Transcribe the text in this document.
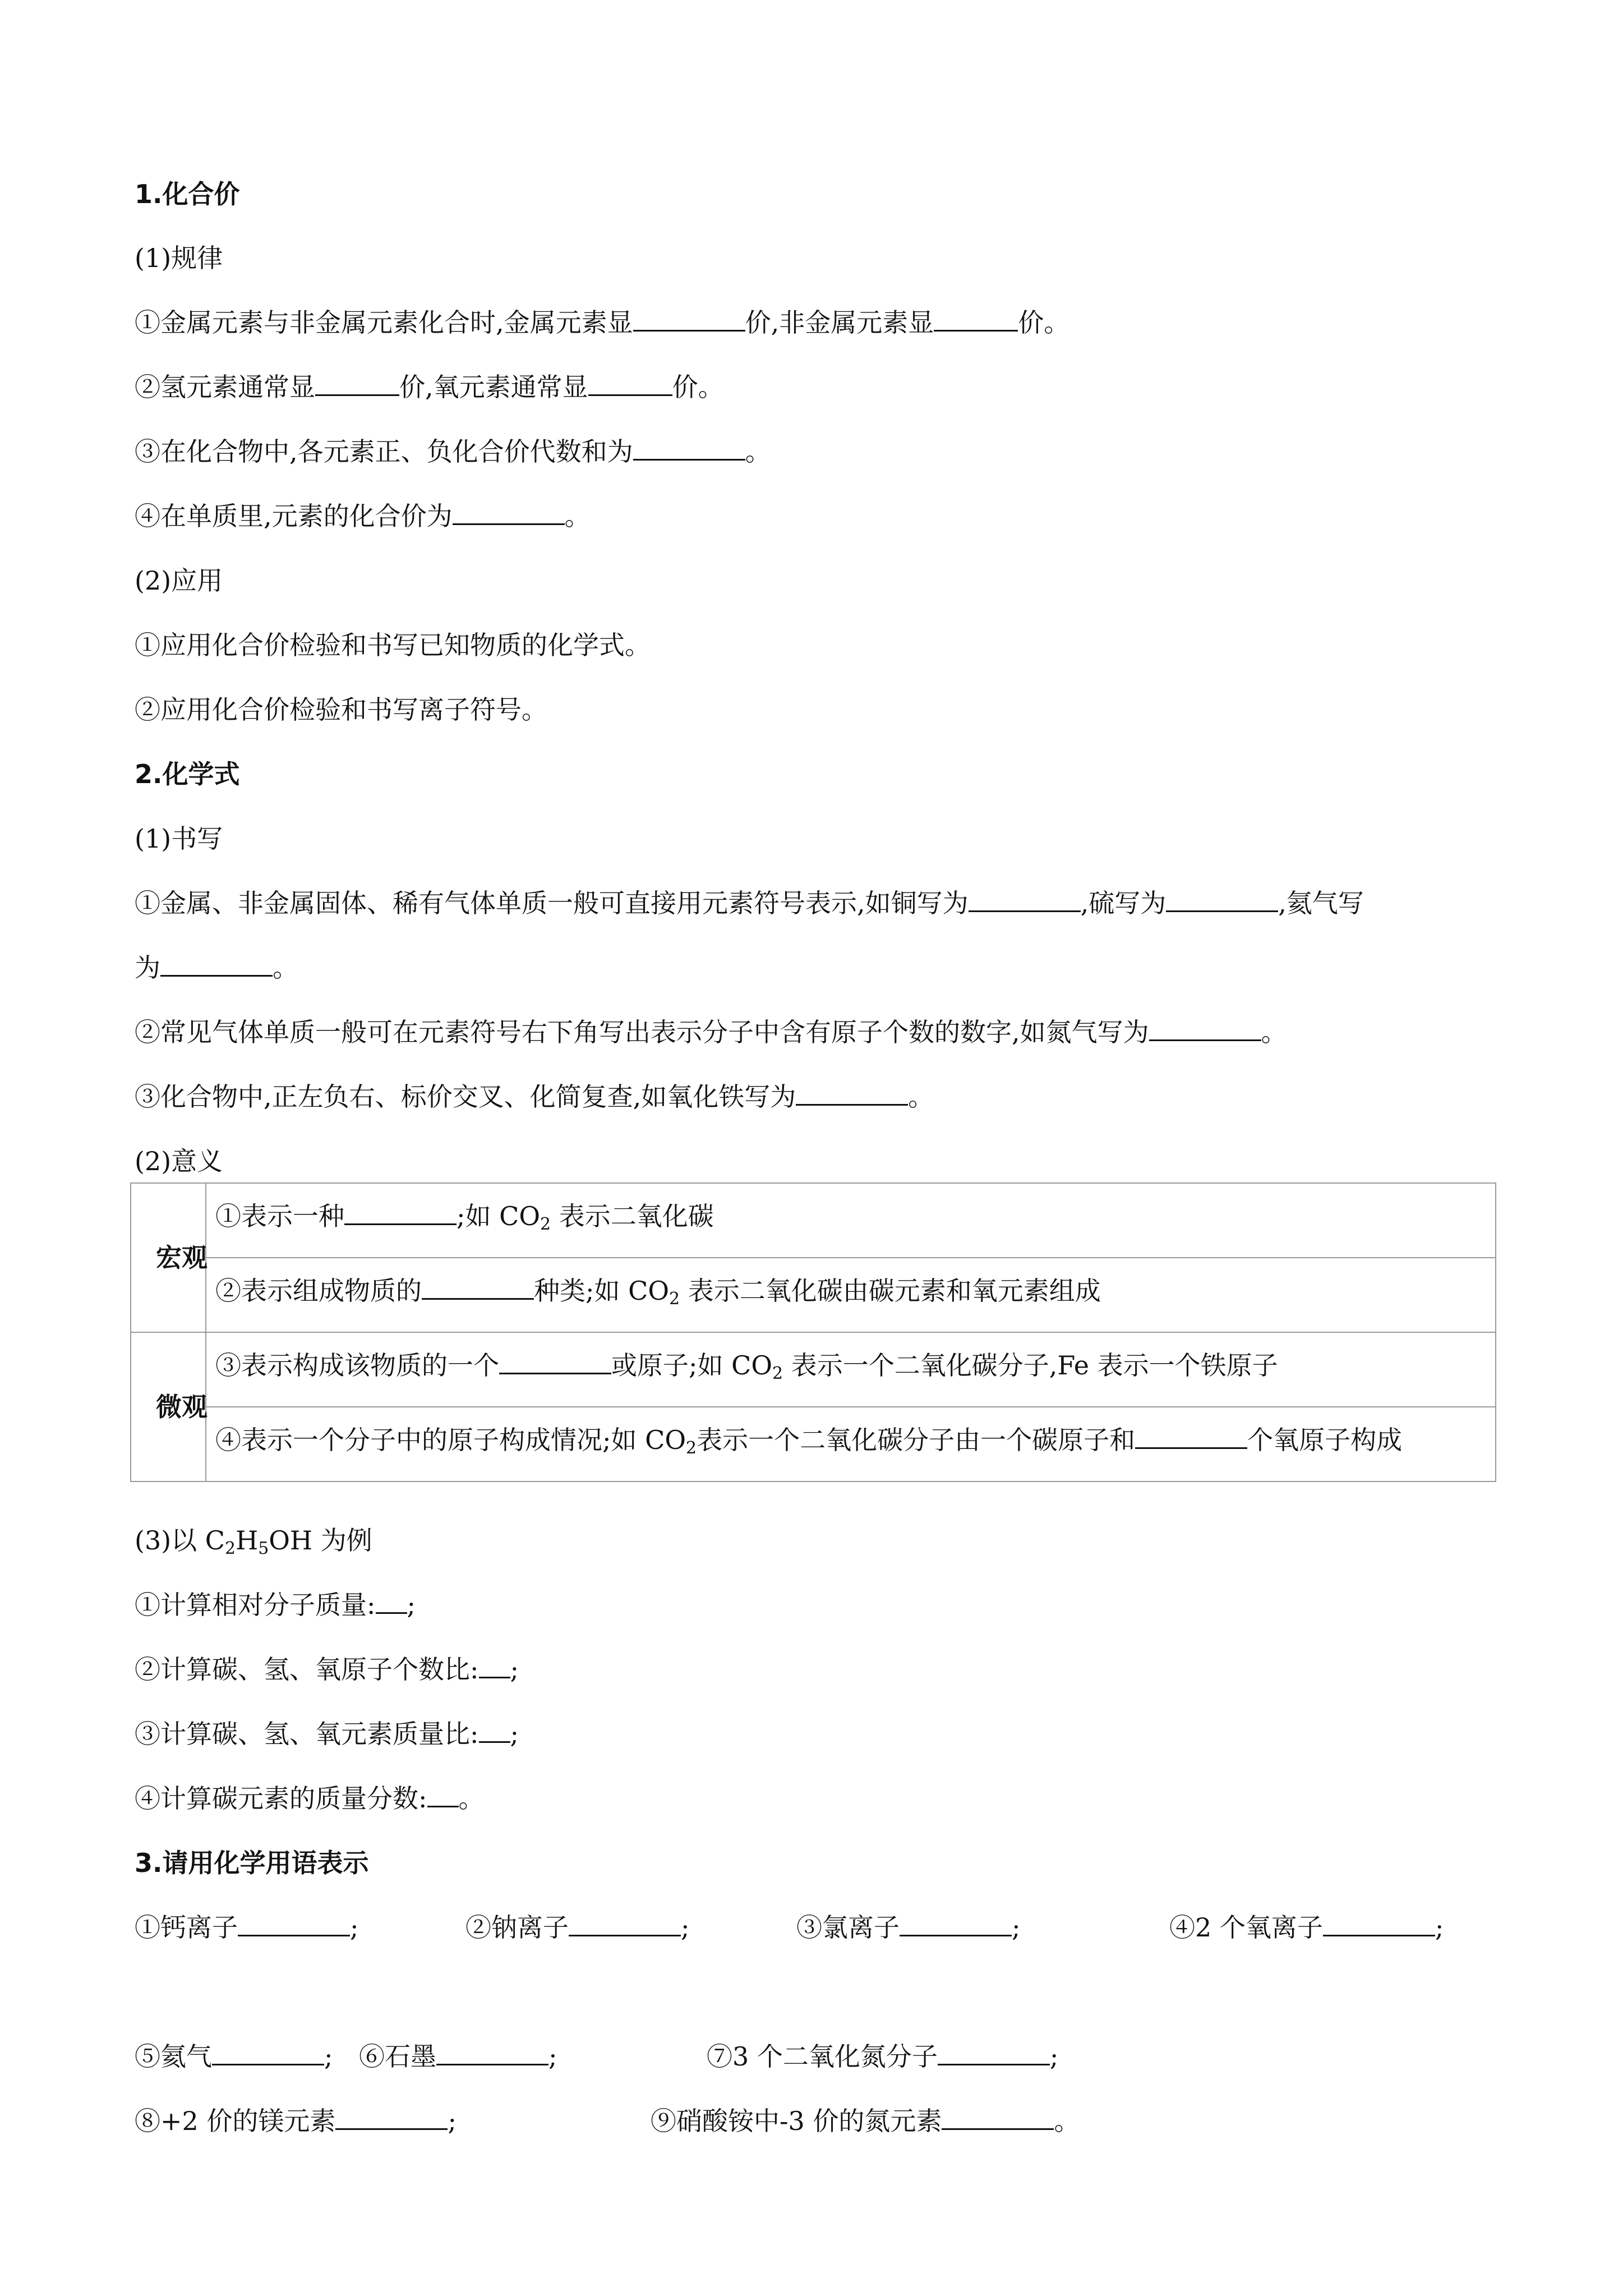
1.化合价

(1)规律

①金属元素与非金属元素化合时,金属元素显	价,非金属元素显	价。

②氢元素通常显	价,氧元素通常显	价。

③在化合物中,各元素正、负化合价代数和为	。

④在单质里,元素的化合价为	。

(2)应用

①应用化合价检验和书写已知物质的化学式。

②应用化合价检验和书写离子符号。

2.化学式

(1)书写

①金属、非金属固体、稀有气体单质一般可直接用元素符号表示,如铜写为	,硫写为	,氦气写

为	。

②常见气体单质一般可在元素符号右下角写出表示分子中含有原子个数的数字,如氮气写为	。

③化合物中,正左负右、标价交叉、化简复查,如氧化铁写为	。

(2)意义

宏观	①表示一种 ;如 $CO_2$ 表示二氧化碳
	②表示组成物质的 种类;如 $CO_2$ 表示二氧化碳由碳元素和氧元素组成
微观	③表示构成该物质的一个 或原子;如 $CO_2$ 表示一个二氧化碳分子,Fe 表示一个铁原子
	④表示一个分子中的原子构成情况;如 $CO_2$表示一个二氧化碳分子由一个碳原子和 个氧原子构成

(3)以 $C_2H_5OH$ 为例

①计算相对分子质量: ;

②计算碳、氢、氧原子个数比: ;

③计算碳、氢、氧元素质量比: ;

④计算碳元素的质量分数: 。

3.请用化学用语表示

①钙离子	;	②钠离子	;	③氯离子	;	④2 个氧离子	;
⑤氦气	; ⑥石墨	;	⑦3 个二氧化氮分子	;
⑧+2 价的镁元素	;	⑨硝酸铵中-3 价的氮元素	。
